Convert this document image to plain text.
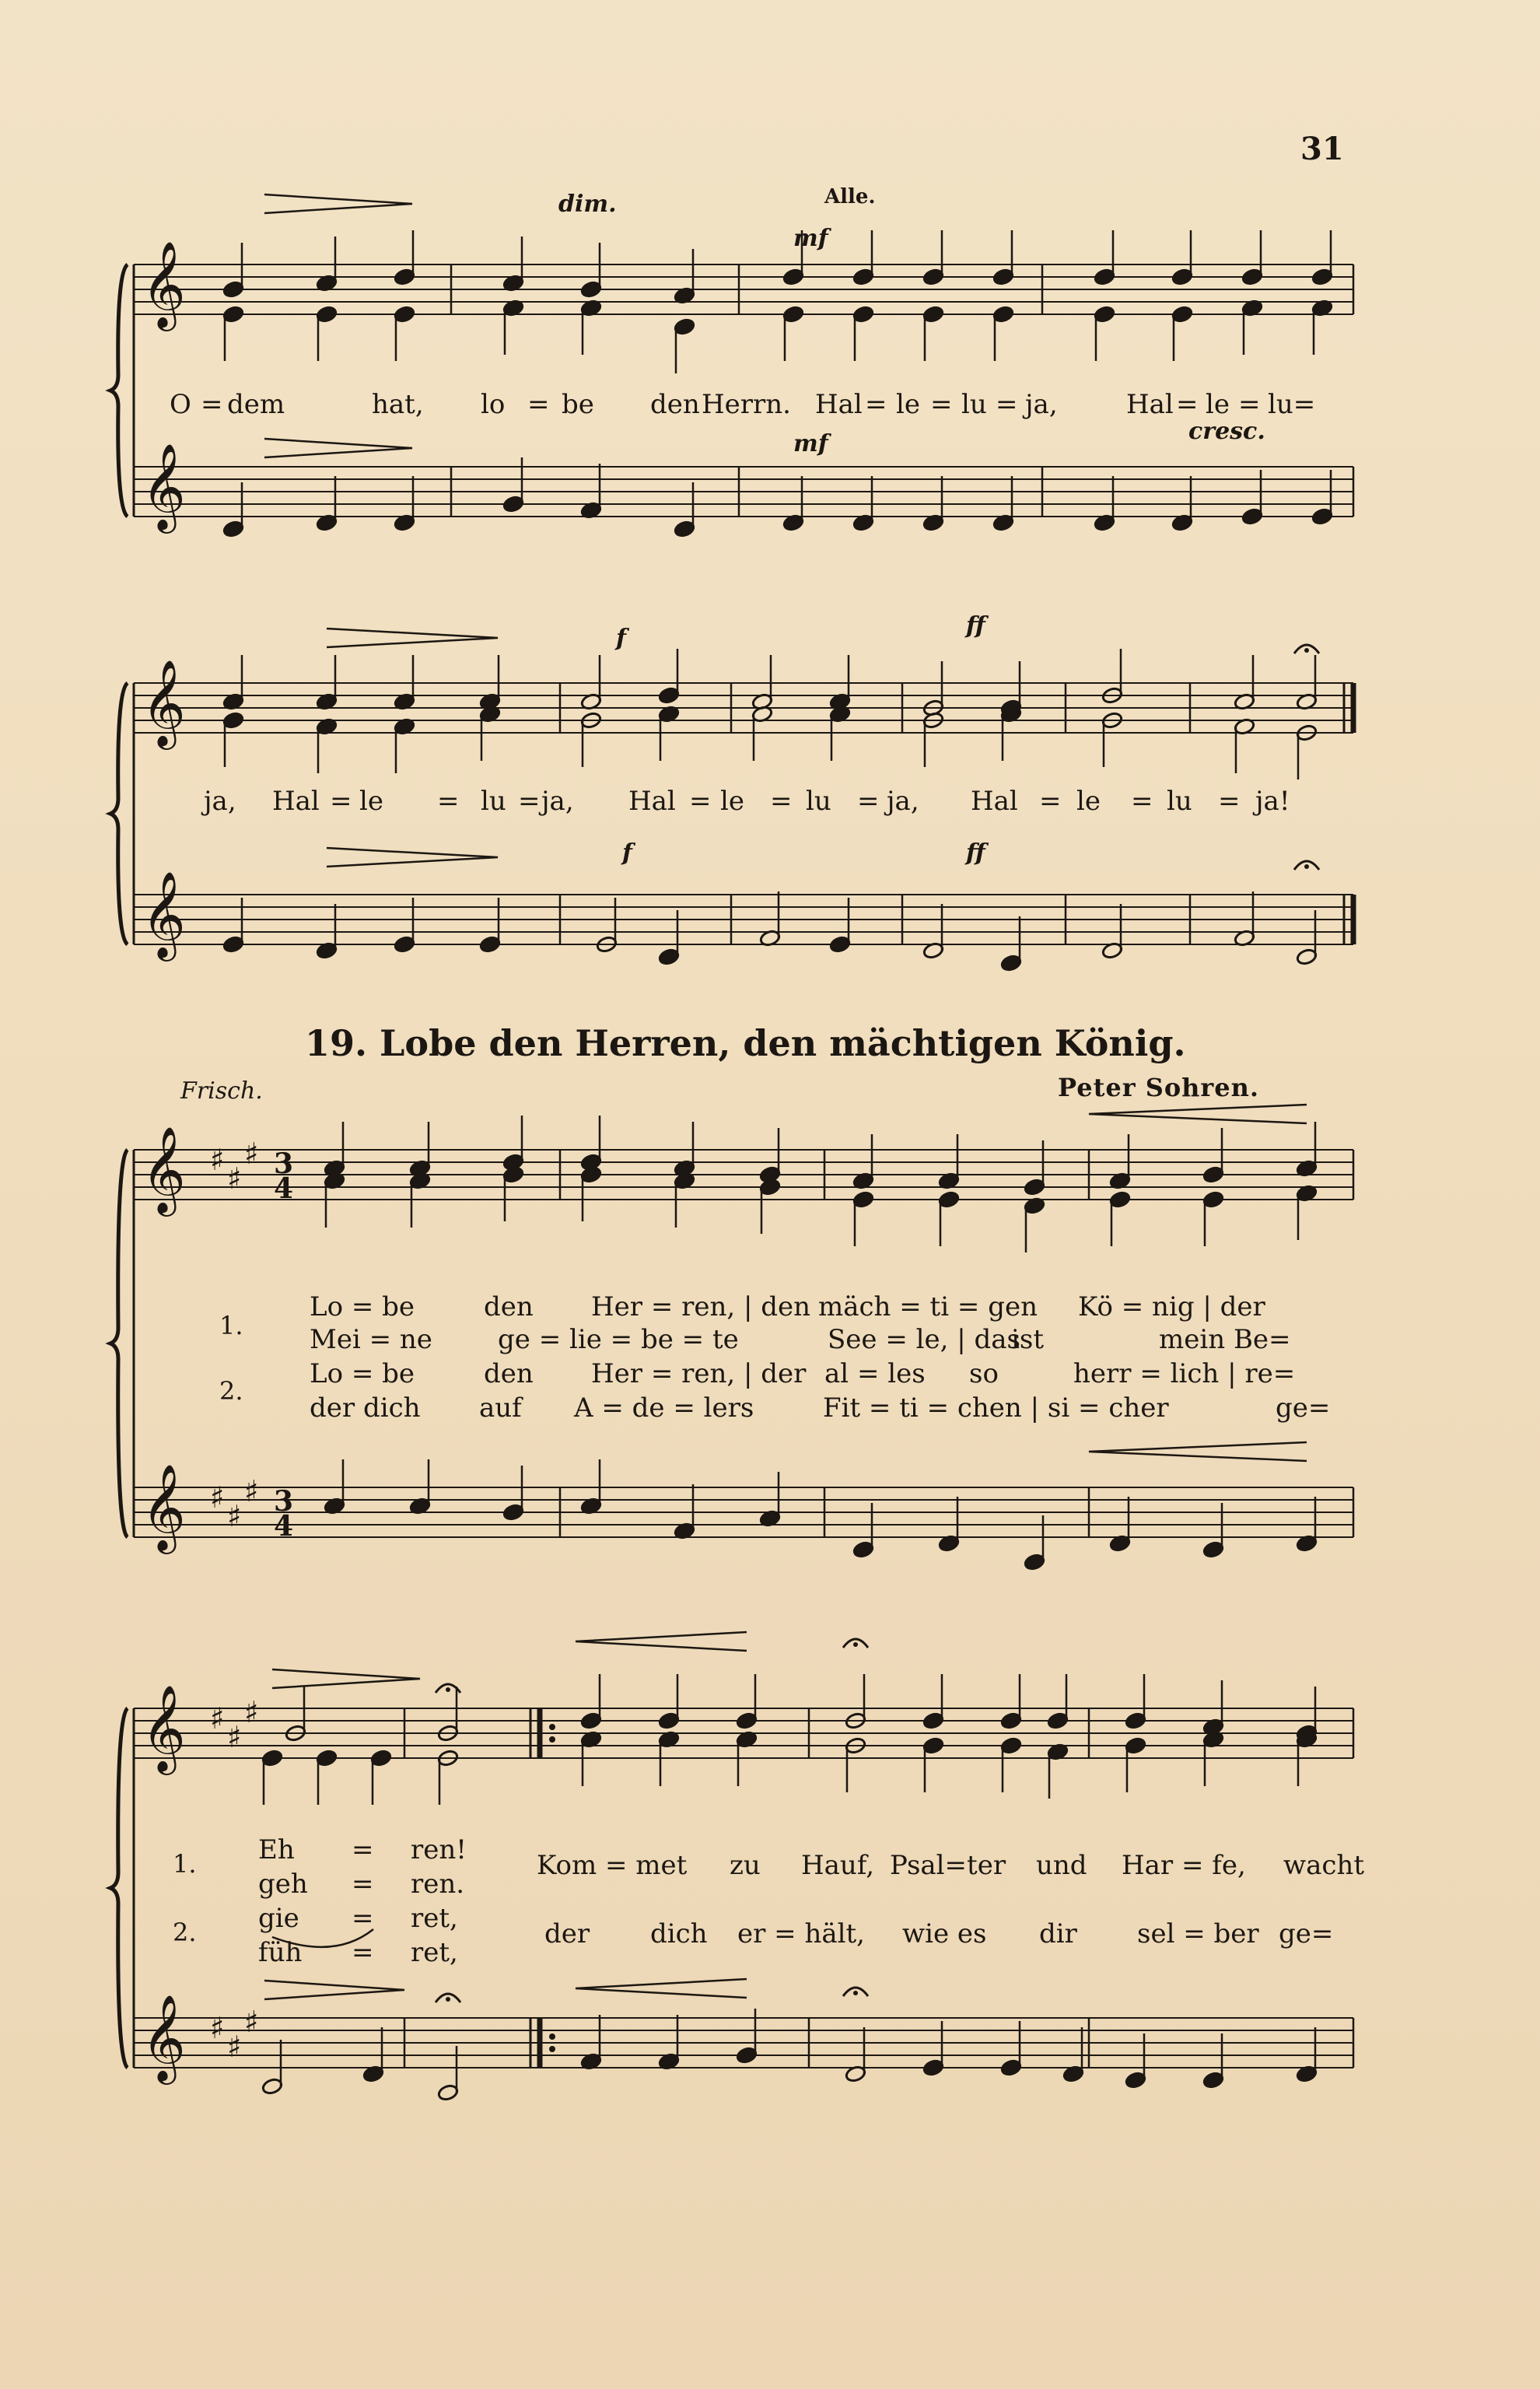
𝄞
𝄞
𝄞
𝄞
𝄞
𝄞
♯
♯
♯
♯
♯
♯
3
4
3
4
𝄞
𝄞
♯
♯
♯
♯
♯
♯
31
dim.	Alle.
mf
mf	cresc.
f	ff
f	ff
O = dem	hat, lo = be den Herrn. Hal = le = lu = ja,	Hal = le = lu=
ja, Hal = le = lu = ja, Hal = le = lu = ja, Hal = le = lu = ja!
19. Lobe den Herren, den mächtigen König.
Frisch.	Peter Sohren.
1.
2.
Lo = be	den Her = ren, | den mäch = ti = gen Kö = nig | der
Mei = ne ge = lie = be = te	See = le, | das
ist	mein Be=
Lo = be	den Her = ren, | der al = les so	herr = lich | re=
der dich auf A = de = lers	Fit = ti = chen | si = cher	ge=
1.
2.
Eh = ren!
geh = ren.
gie = ret,
füh = ret,
Kom = met zu Hauf, Psal=ter und Har = fe, wacht
der dich er = hält, wie es dir sel = ber ge=
